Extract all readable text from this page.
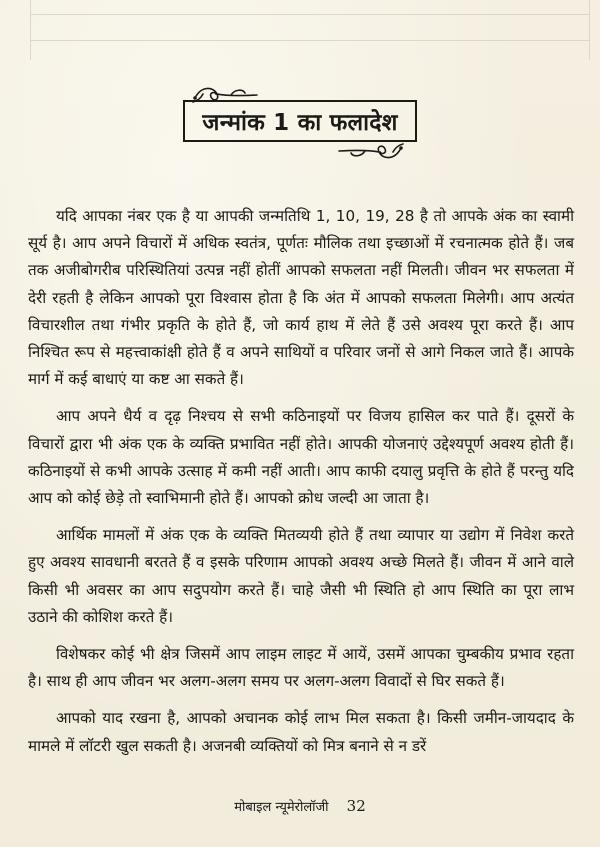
जन्मांक 1 का फलादेश

यदि आपका नंबर एक है या आपकी जन्मतिथि 1, 10, 19, 28 है तो आपके अंक का स्वामी सूर्य है। आप अपने विचारों में अधिक स्वतंत्र, पूर्णतः मौलिक तथा इच्छाओं में रचनात्मक होते हैं। जब तक अजीबोगरीब परिस्थितियां उत्पन्न नहीं होतीं आपको सफलता नहीं मिलती। जीवन भर सफलता में देरी रहती है लेकिन आपको पूरा विश्वास होता है कि अंत में आपको सफलता मिलेगी। आप अत्यंत विचारशील तथा गंभीर प्रकृति के होते हैं, जो कार्य हाथ में लेते हैं उसे अवश्य पूरा करते हैं। आप निश्चित रूप से महत्त्वाकांक्षी होते हैं व अपने साथियों व परिवार जनों से आगे निकल जाते हैं। आपके मार्ग में कई बाधाएं या कष्ट आ सकते हैं।

आप अपने धैर्य व दृढ़ निश्चय से सभी कठिनाइयों पर विजय हासिल कर पाते हैं। दूसरों के विचारों द्वारा भी अंक एक के व्यक्ति प्रभावित नहीं होते। आपकी योजनाएं उद्देश्यपूर्ण अवश्य होती हैं। कठिनाइयों से कभी आपके उत्साह में कमी नहीं आती। आप काफी दयालु प्रवृत्ति के होते हैं परन्तु यदि आप को कोई छेड़े तो स्वाभिमानी होते हैं। आपको क्रोध जल्दी आ जाता है।

आर्थिक मामलों में अंक एक के व्यक्ति मितव्ययी होते हैं तथा व्यापार या उद्योग में निवेश करते हुए अवश्य सावधानी बरतते हैं व इसके परिणाम आपको अवश्य अच्छे मिलते हैं। जीवन में आने वाले किसी भी अवसर का आप सदुपयोग करते हैं। चाहे जैसी भी स्थिति हो आप स्थिति का पूरा लाभ उठाने की कोशिश करते हैं।

विशेषकर कोई भी क्षेत्र जिसमें आप लाइम लाइट में आयें, उसमें आपका चुम्बकीय प्रभाव रहता है। साथ ही आप जीवन भर अलग-अलग समय पर अलग-अलग विवादों से घिर सकते हैं।

आपको याद रखना है, आपको अचानक कोई लाभ मिल सकता है। किसी जमीन-जायदाद के मामले में लॉटरी खुल सकती है। अजनबी व्यक्तियों को मित्र बनाने से न डरें

मोबाइल न्यूमेरोलॉजी 32
